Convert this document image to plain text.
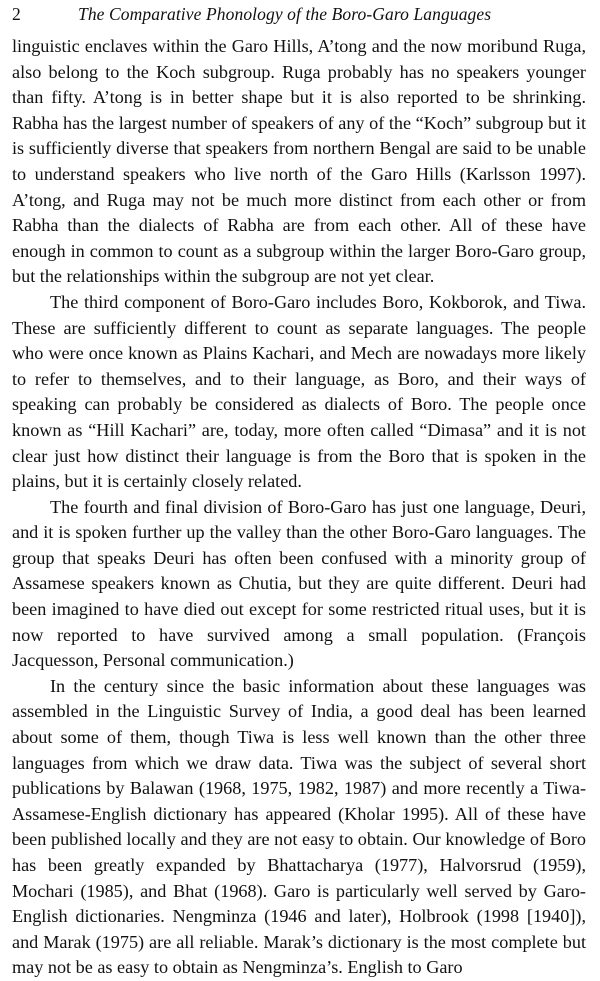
2	The Comparative Phonology of the Boro-Garo Languages

linguistic enclaves within the Garo Hills, A’tong and the now moribund Ruga, also belong to the Koch subgroup. Ruga probably has no speakers younger than fifty. A’tong is in better shape but it is also reported to be shrinking. Rabha has the largest number of speakers of any of the “Koch” subgroup but it is sufficiently diverse that speakers from northern Bengal are said to be unable to understand speakers who live north of the Garo Hills (Karlsson 1997). A’tong, and Ruga may not be much more distinct from each other or from Rabha than the dialects of Rabha are from each other. All of these have enough in common to count as a subgroup within the larger Boro-Garo group, but the relationships within the subgroup are not yet clear.

The third component of Boro-Garo includes Boro, Kokborok, and Tiwa. These are sufficiently different to count as separate languages. The people who were once known as Plains Kachari, and Mech are nowadays more likely to refer to themselves, and to their language, as Boro, and their ways of speaking can probably be considered as dialects of Boro. The people once known as “Hill Kachari” are, today, more often called “Dimasa” and it is not clear just how distinct their language is from the Boro that is spoken in the plains, but it is certainly closely related.

The fourth and final division of Boro-Garo has just one language, Deuri, and it is spoken further up the valley than the other Boro-Garo languages. The group that speaks Deuri has often been confused with a minority group of Assamese speakers known as Chutia, but they are quite different. Deuri had been imagined to have died out except for some restricted ritual uses, but it is now reported to have survived among a small population. (François Jacquesson, Personal communication.)

In the century since the basic information about these languages was assembled in the Linguistic Survey of India, a good deal has been learned about some of them, though Tiwa is less well known than the other three languages from which we draw data. Tiwa was the subject of several short publications by Balawan (1968, 1975, 1982, 1987) and more recently a Tiwa-Assamese-English dictionary has appeared (Kholar 1995). All of these have been published locally and they are not easy to obtain. Our knowledge of Boro has been greatly expanded by Bhattacharya (1977), Halvorsrud (1959), Mochari (1985), and Bhat (1968). Garo is particularly well served by Garo-English dictionaries. Nengminza (1946 and later), Holbrook (1998 [1940]), and Marak (1975) are all reliable. Marak’s dictionary is the most complete but may not be as easy to obtain as Nengminza’s. English to Garo
